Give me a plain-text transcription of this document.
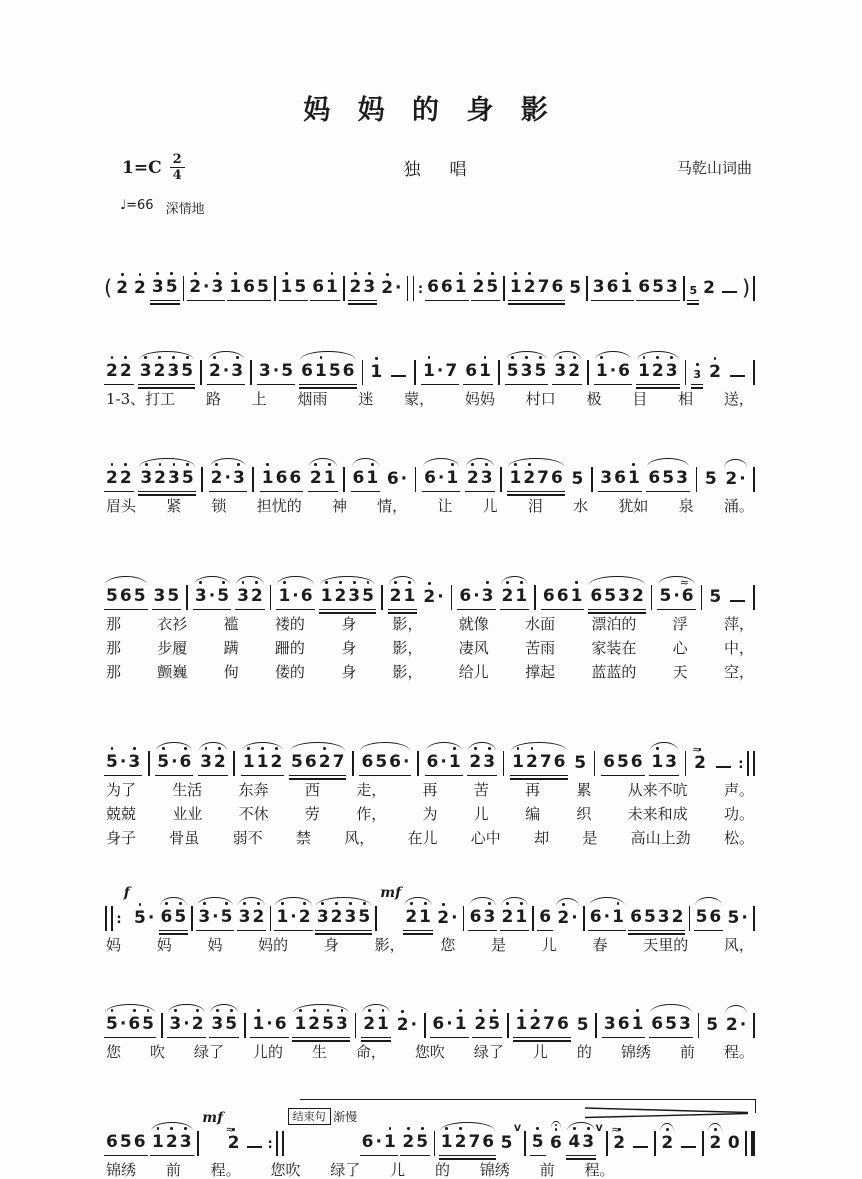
妈 妈 的 身 影
$1=C \frac{2}{4}$	独　唱	马乾山词曲
♩=66 深情地
( 2 2 3 5 2 · 3 1 6 5 1 5 6 1 2 3 2 · : 6 6 1 2 5 1 2 7 6 5 3 6 1 6 5 3 5 2 )
2 2 3 2 3 5 2 · 3 3 · 5 6 1 5 6 1 1 · 7 6 1 5 3 5 3 2 1 · 6 1 2 3 3 2
1-3、打工 路 上 烟雨 迷 蒙， 妈妈 村口 极 目 相 送，
2 2 3 2 3 5 2 · 3 1 6 6 2 1 6 1 6 · 6 · 1 2 3 1 2 7 6 5 3 6 1 6 5 3 5 2 ·
眉头 紧 锁 担忧的 神 情， 让 儿 泪 水 犹如 泉 涌。
5 6 5 3 5 3 · 5 3 2 1 · 6 1 2 3 5 2 1 2 · 6 · 3 2 1 6 6 1 6 5 3 2 5 · 6
≈
5
那 衣衫 褴 褛的 身 影， 就像 水面 漂泊的 浮 萍，
那 步履 蹒 跚的 身 影， 凄风 苦雨 家装在 心 中，
那 颤巍 佝 偻的 身 影， 给儿 撑起 蓝蓝的 天 空，
5 · 3 5 · 6 3 2 1 1 2 5 6 2 7 6 5 6 · 6 · 1 2 3 1 2 7 6 5 6 5 6 1 3 2
≈
:
为了 生活 东奔 西 走， 再 苦 再 累 从来不吭 声。
兢兢 业业 不休 劳 作， 为 儿 编 织 未来和成 功。
身子 骨虽 弱不 禁 风， 在儿 心中 却 是 高山上劲 松。
:
f
5 · 6 5 3 · 5 3 2 1 · 2 3 2 3 5
mf
2 1 2 · 6 3 2 1 6 2 · 6 · 1 6 5 3 2 5 6 5 ·
妈 妈 妈 妈的 身 影， 您 是 儿 春 天里的 风，
5 · 6 5 3 · 2 3 5 1 · 6 1 2 5 3 2 1 2 · 6 · 1 2 5 1 2 7 6 5 3 6 1 6 5 3 5 2 ·
您 吹 绿了 儿的 生 命， 您吹 绿了 儿 的 锦绣 前 程。
6 5 6 1 2 3
mf
2
≈
:
结束句 渐慢
6 · 1 2 5 1 2 7 6 5
V
5 6 4 3
V
2
≈
2 2 0
锦绣 前 程。 您吹 绿了 儿 的 锦绣 前 程。
